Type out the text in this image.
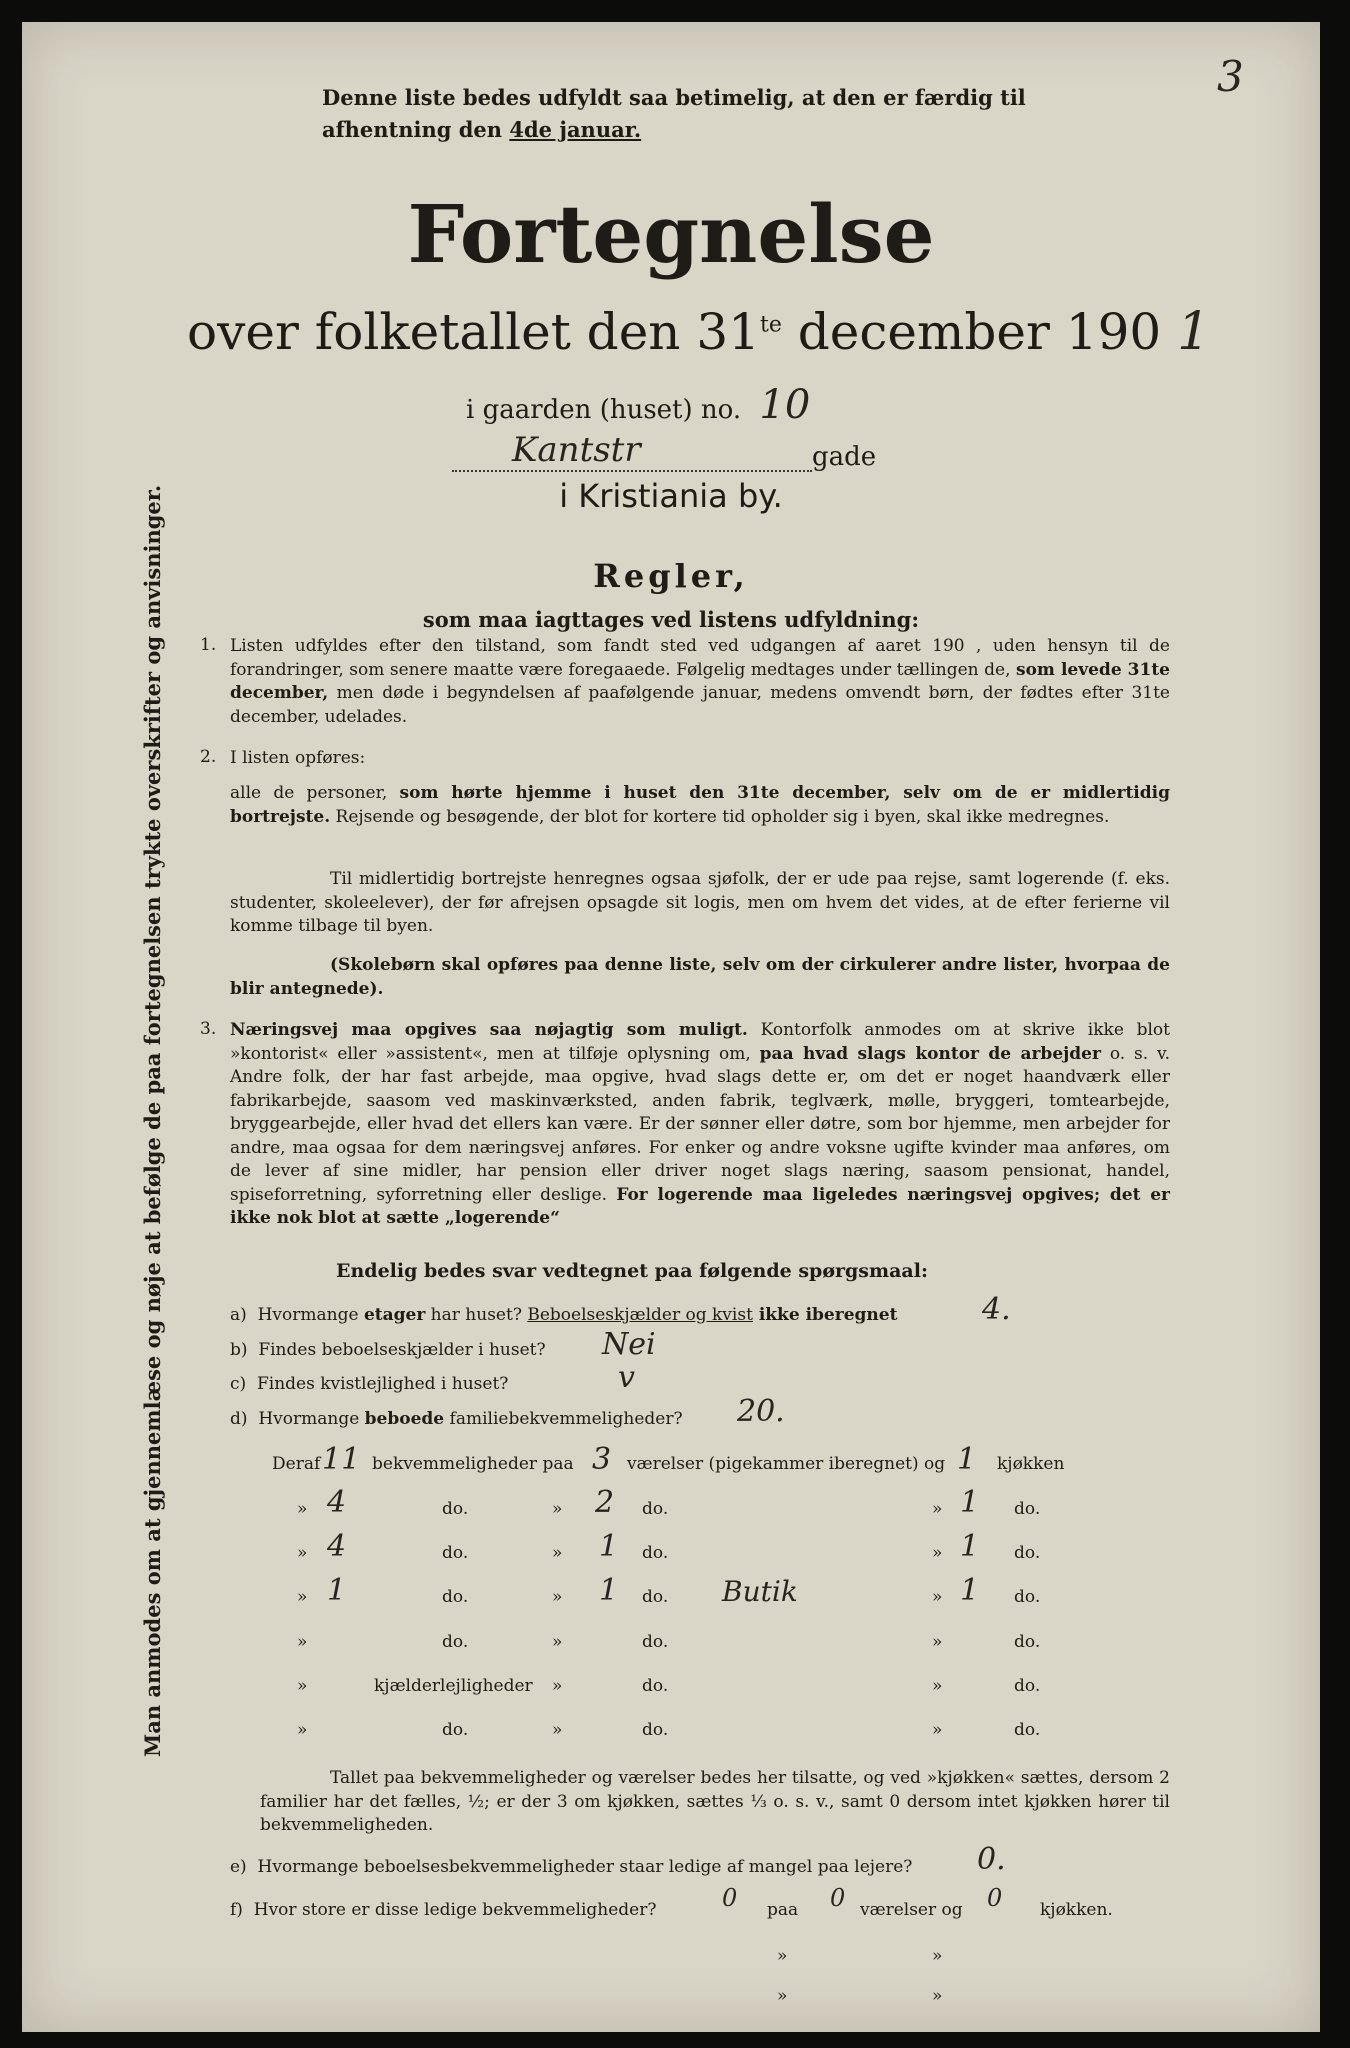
3
Denne liste bedes udfyldt saa betimelig, at den er færdig til
afhentning den 4de januar.
Fortegnelse
over folketallet den $31^{te}$ december 190 1
i gaarden (huset) no. 10
Kantstr	gade
i Kristiania by.
Regler,
som maa iagttages ved listens udfyldning:
1. Listen udfyldes efter den tilstand, som fandt sted ved udgangen af aaret 190 , uden hensyn til de forandringer, som senere maatte være foregaaede. Følgelig medtages under tællingen de, som levede 31te december, men døde i begyndelsen af paafølgende januar, medens omvendt børn, der fødtes efter 31te december, udelades.
2. I listen opføres:
alle de personer, som hørte hjemme i huset den 31te december, selv om de er midlertidig bortrejste. Rejsende og besøgende, der blot for kortere tid opholder sig i byen, skal ikke medregnes.
Til midlertidig bortrejste henregnes ogsaa sjøfolk, der er ude paa rejse, samt logerende (f. eks. studenter, skoleelever), der før afrejsen opsagde sit logis, men om hvem det vides, at de efter ferierne vil komme tilbage til byen.
(Skolebørn skal opføres paa denne liste, selv om der cirkulerer andre lister, hvorpaa de blir antegnede).
3. Næringsvej maa opgives saa nøjagtig som muligt. Kontorfolk anmodes om at skrive ikke blot »kontorist« eller »assistent«, men at tilføje oplysning om, paa hvad slags kontor de arbejder o. s. v. Andre folk, der har fast arbejde, maa opgive, hvad slags dette er, om det er noget haandværk eller fabrikarbejde, saasom ved maskinværksted, anden fabrik, teglværk, mølle, bryggeri, tomtearbejde, bryggearbejde, eller hvad det ellers kan være. Er der sønner eller døtre, som bor hjemme, men arbejder for andre, maa ogsaa for dem næringsvej anføres. For enker og andre voksne ugifte kvinder maa anføres, om de lever af sine midler, har pension eller driver noget slags næring, saasom pensionat, handel, spiseforretning, syforretning eller deslige. For logerende maa ligeledes næringsvej opgives; det er ikke nok blot at sætte „logerende“
Endelig bedes svar vedtegnet paa følgende spørgsmaal:
a) Hvormange etager har huset? Beboelseskjælder og kvist ikke iberegnet	4.
b) Findes beboelseskjælder i huset? Nei
c) Findes kvistlejlighed i huset?	v
d) Hvormange beboede familiebekvemmeligheder? 20.
Deraf 11 bekvemmeligheder paa 3 værelser (pigekammer iberegnet) og 1 kjøkken
» 4	do.	» 2 do.	» 1 do.
» 4	do.	» 1 do.	» 1 do.
» 1	do.	» 1 do. Butik	» 1 do.
»	do.	»	do.	»	do.
»	kjælderlejligheder »	do.	»	do.
»	do.	»	do.	»	do.
Tallet paa bekvemmeligheder og værelser bedes her tilsatte, og ved »kjøkken« sættes, dersom 2 familier har det fælles, ½; er der 3 om kjøkken, sættes ⅓ o. s. v., samt 0 dersom intet kjøkken hører til bekvemmeligheden.
e) Hvormange beboelsesbekvemmeligheder staar ledige af mangel paa lejere? 0.
f) Hvor store er disse ledige bekvemmeligheder?	0 paa 0 værelser og 0 kjøkken.
»	»
»	»
Man anmodes om at gjennemlæse og nøje at befølge de paa fortegnelsen trykte overskrifter og anvisninger.
